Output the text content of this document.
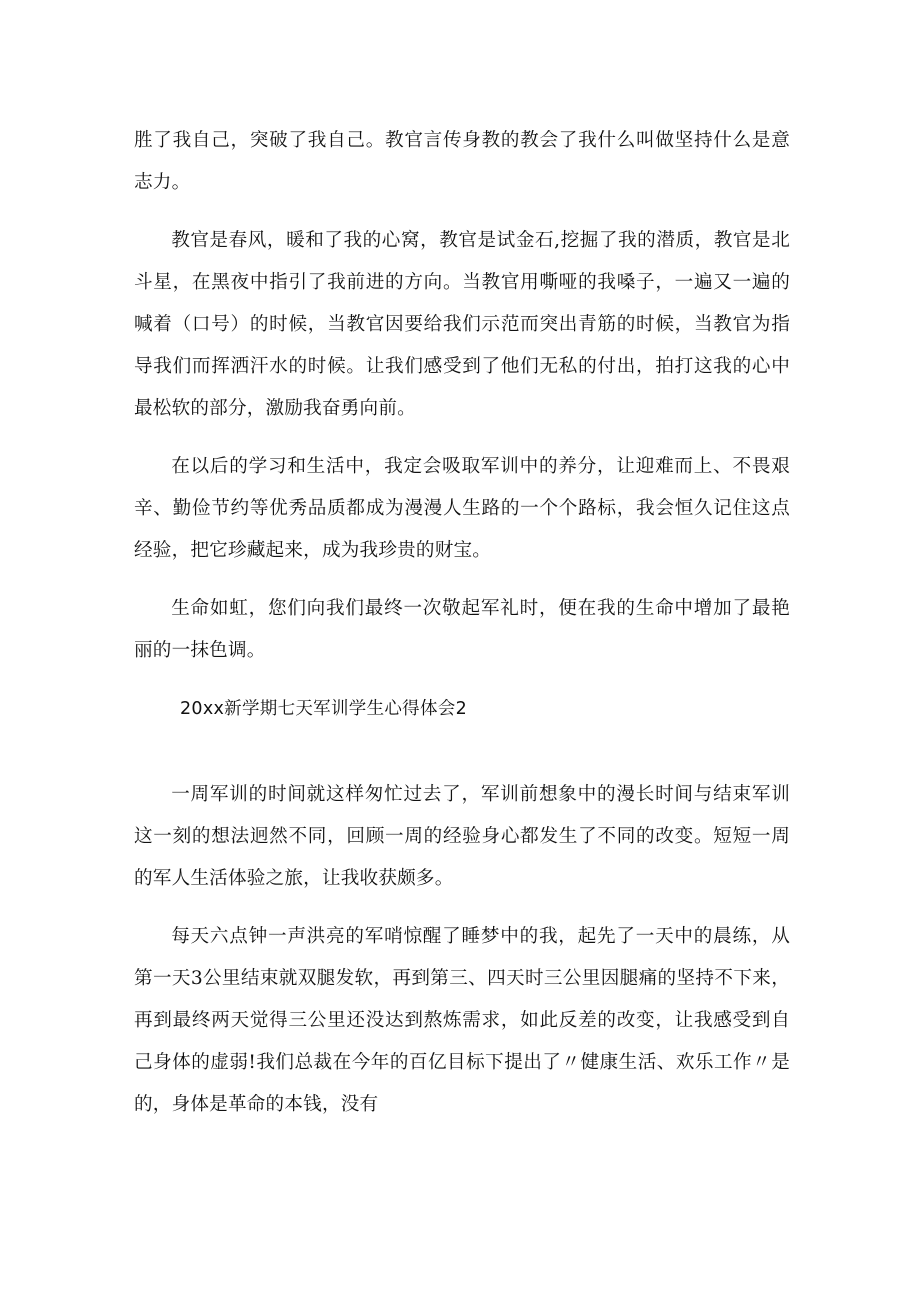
胜了我自己，突破了我自己。教官言传身教的教会了我什么叫做坚持什么是意志力。

教官是春风，暖和了我的心窝，教官是试金石,挖掘了我的潜质，教官是北斗星，在黑夜中指引了我前进的方向。当教官用嘶哑的我嗓子，一遍又一遍的喊着（口号）的时候，当教官因要给我们示范而突出青筋的时候，当教官为指导我们而挥洒汗水的时候。让我们感受到了他们无私的付出，拍打这我的心中最松软的部分，激励我奋勇向前。

在以后的学习和生活中，我定会吸取军训中的养分，让迎难而上、不畏艰辛、勤俭节约等优秀品质都成为漫漫人生路的一个个路标，我会恒久记住这点经验，把它珍藏起来，成为我珍贵的财宝。

生命如虹，您们向我们最终一次敬起军礼时，便在我的生命中增加了最艳丽的一抹色调。

20xx新学期七天军训学生心得体会2

一周军训的时间就这样匆忙过去了，军训前想象中的漫长时间与结束军训这一刻的想法迥然不同，回顾一周的经验身心都发生了不同的改变。短短一周的军人生活体验之旅，让我收获颇多。

每天六点钟一声洪亮的军哨惊醒了睡梦中的我，起先了一天中的晨练，从第一天3公里结束就双腿发软，再到第三、四天时三公里因腿痛的坚持不下来，再到最终两天觉得三公里还没达到熬炼需求，如此反差的改变，让我感受到自己身体的虚弱!我们总裁在今年的百亿目标下提出了〃健康生活、欢乐工作〃是的，身体是革命的本钱，没有
